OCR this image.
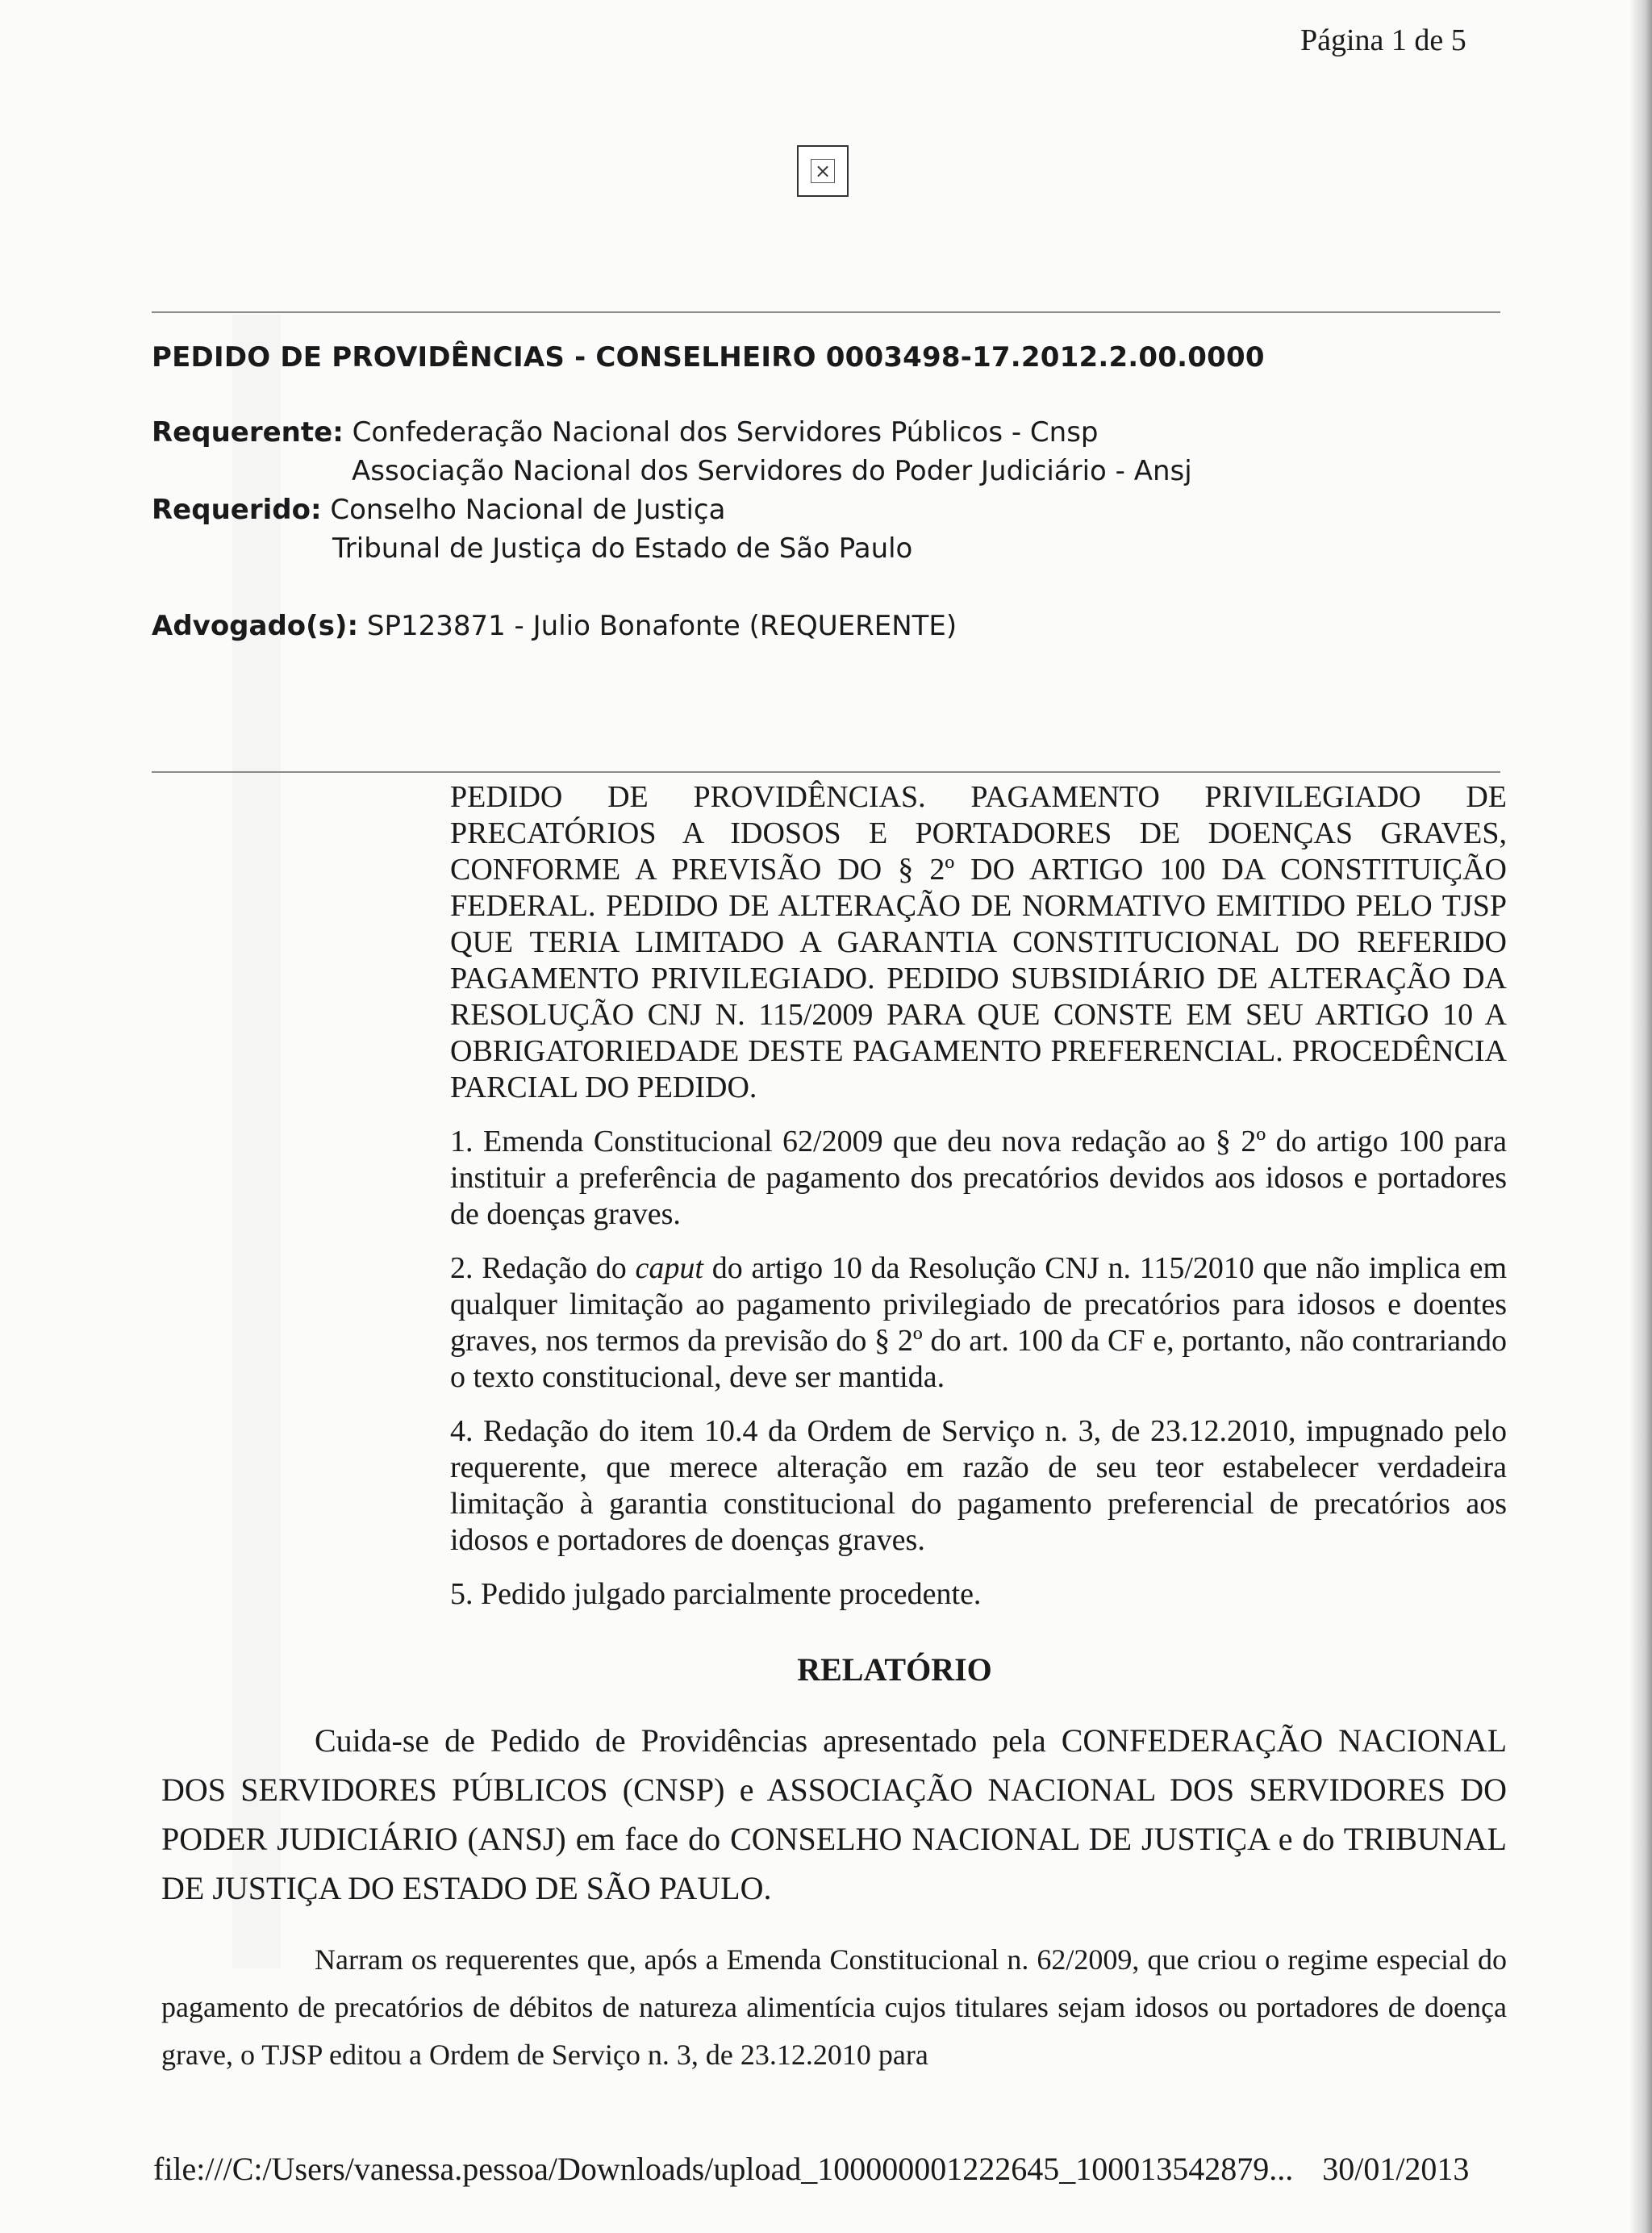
Página 1 de 5
×
PEDIDO DE PROVIDÊNCIAS - CONSELHEIRO 0003498-17.2012.2.00.0000
Requerente: Confederação Nacional dos Servidores Públicos - Cnsp
Associação Nacional dos Servidores do Poder Judiciário - Ansj
Requerido: Conselho Nacional de Justiça
Tribunal de Justiça do Estado de São Paulo
Advogado(s): SP123871 - Julio Bonafonte (REQUERENTE)

PEDIDO DE PROVIDÊNCIAS. PAGAMENTO PRIVILEGIADO DE PRECATÓRIOS A IDOSOS E PORTADORES DE DOENÇAS GRAVES, CONFORME A PREVISÃO DO § 2º DO ARTIGO 100 DA CONSTITUIÇÃO FEDERAL. PEDIDO DE ALTERAÇÃO DE NORMATIVO EMITIDO PELO TJSP QUE TERIA LIMITADO A GARANTIA CONSTITUCIONAL DO REFERIDO PAGAMENTO PRIVILEGIADO. PEDIDO SUBSIDIÁRIO DE ALTERAÇÃO DA RESOLUÇÃO CNJ N. 115/2009 PARA QUE CONSTE EM SEU ARTIGO 10 A OBRIGATORIEDADE DESTE PAGAMENTO PREFERENCIAL. PROCEDÊNCIA PARCIAL DO PEDIDO.

1. Emenda Constitucional 62/2009 que deu nova redação ao § 2º do artigo 100 para instituir a preferência de pagamento dos precatórios devidos aos idosos e portadores de doenças graves.

2. Redação do caput do artigo 10 da Resolução CNJ n. 115/2010 que não implica em qualquer limitação ao pagamento privilegiado de precatórios para idosos e doentes graves, nos termos da previsão do § 2º do art. 100 da CF e, portanto, não contrariando o texto constitucional, deve ser mantida.

4. Redação do item 10.4 da Ordem de Serviço n. 3, de 23.12.2010, impugnado pelo requerente, que merece alteração em razão de seu teor estabelecer verdadeira limitação à garantia constitucional do pagamento preferencial de precatórios aos idosos e portadores de doenças graves.

5. Pedido julgado parcialmente procedente.

RELATÓRIO

Cuida-se de Pedido de Providências apresentado pela CONFEDERAÇÃO NACIONAL DOS SERVIDORES PÚBLICOS (CNSP) e ASSOCIAÇÃO NACIONAL DOS SERVIDORES DO PODER JUDICIÁRIO (ANSJ) em face do CONSELHO NACIONAL DE JUSTIÇA e do TRIBUNAL DE JUSTIÇA DO ESTADO DE SÃO PAULO.

Narram os requerentes que, após a Emenda Constitucional n. 62/2009, que criou o regime especial do pagamento de precatórios de débitos de natureza alimentícia cujos titulares sejam idosos ou portadores de doença grave, o TJSP editou a Ordem de Serviço n. 3, de 23.12.2010 para

file:///C:/Users/vanessa.pessoa/Downloads/upload_100000001222645_100013542879... 30/01/2013
